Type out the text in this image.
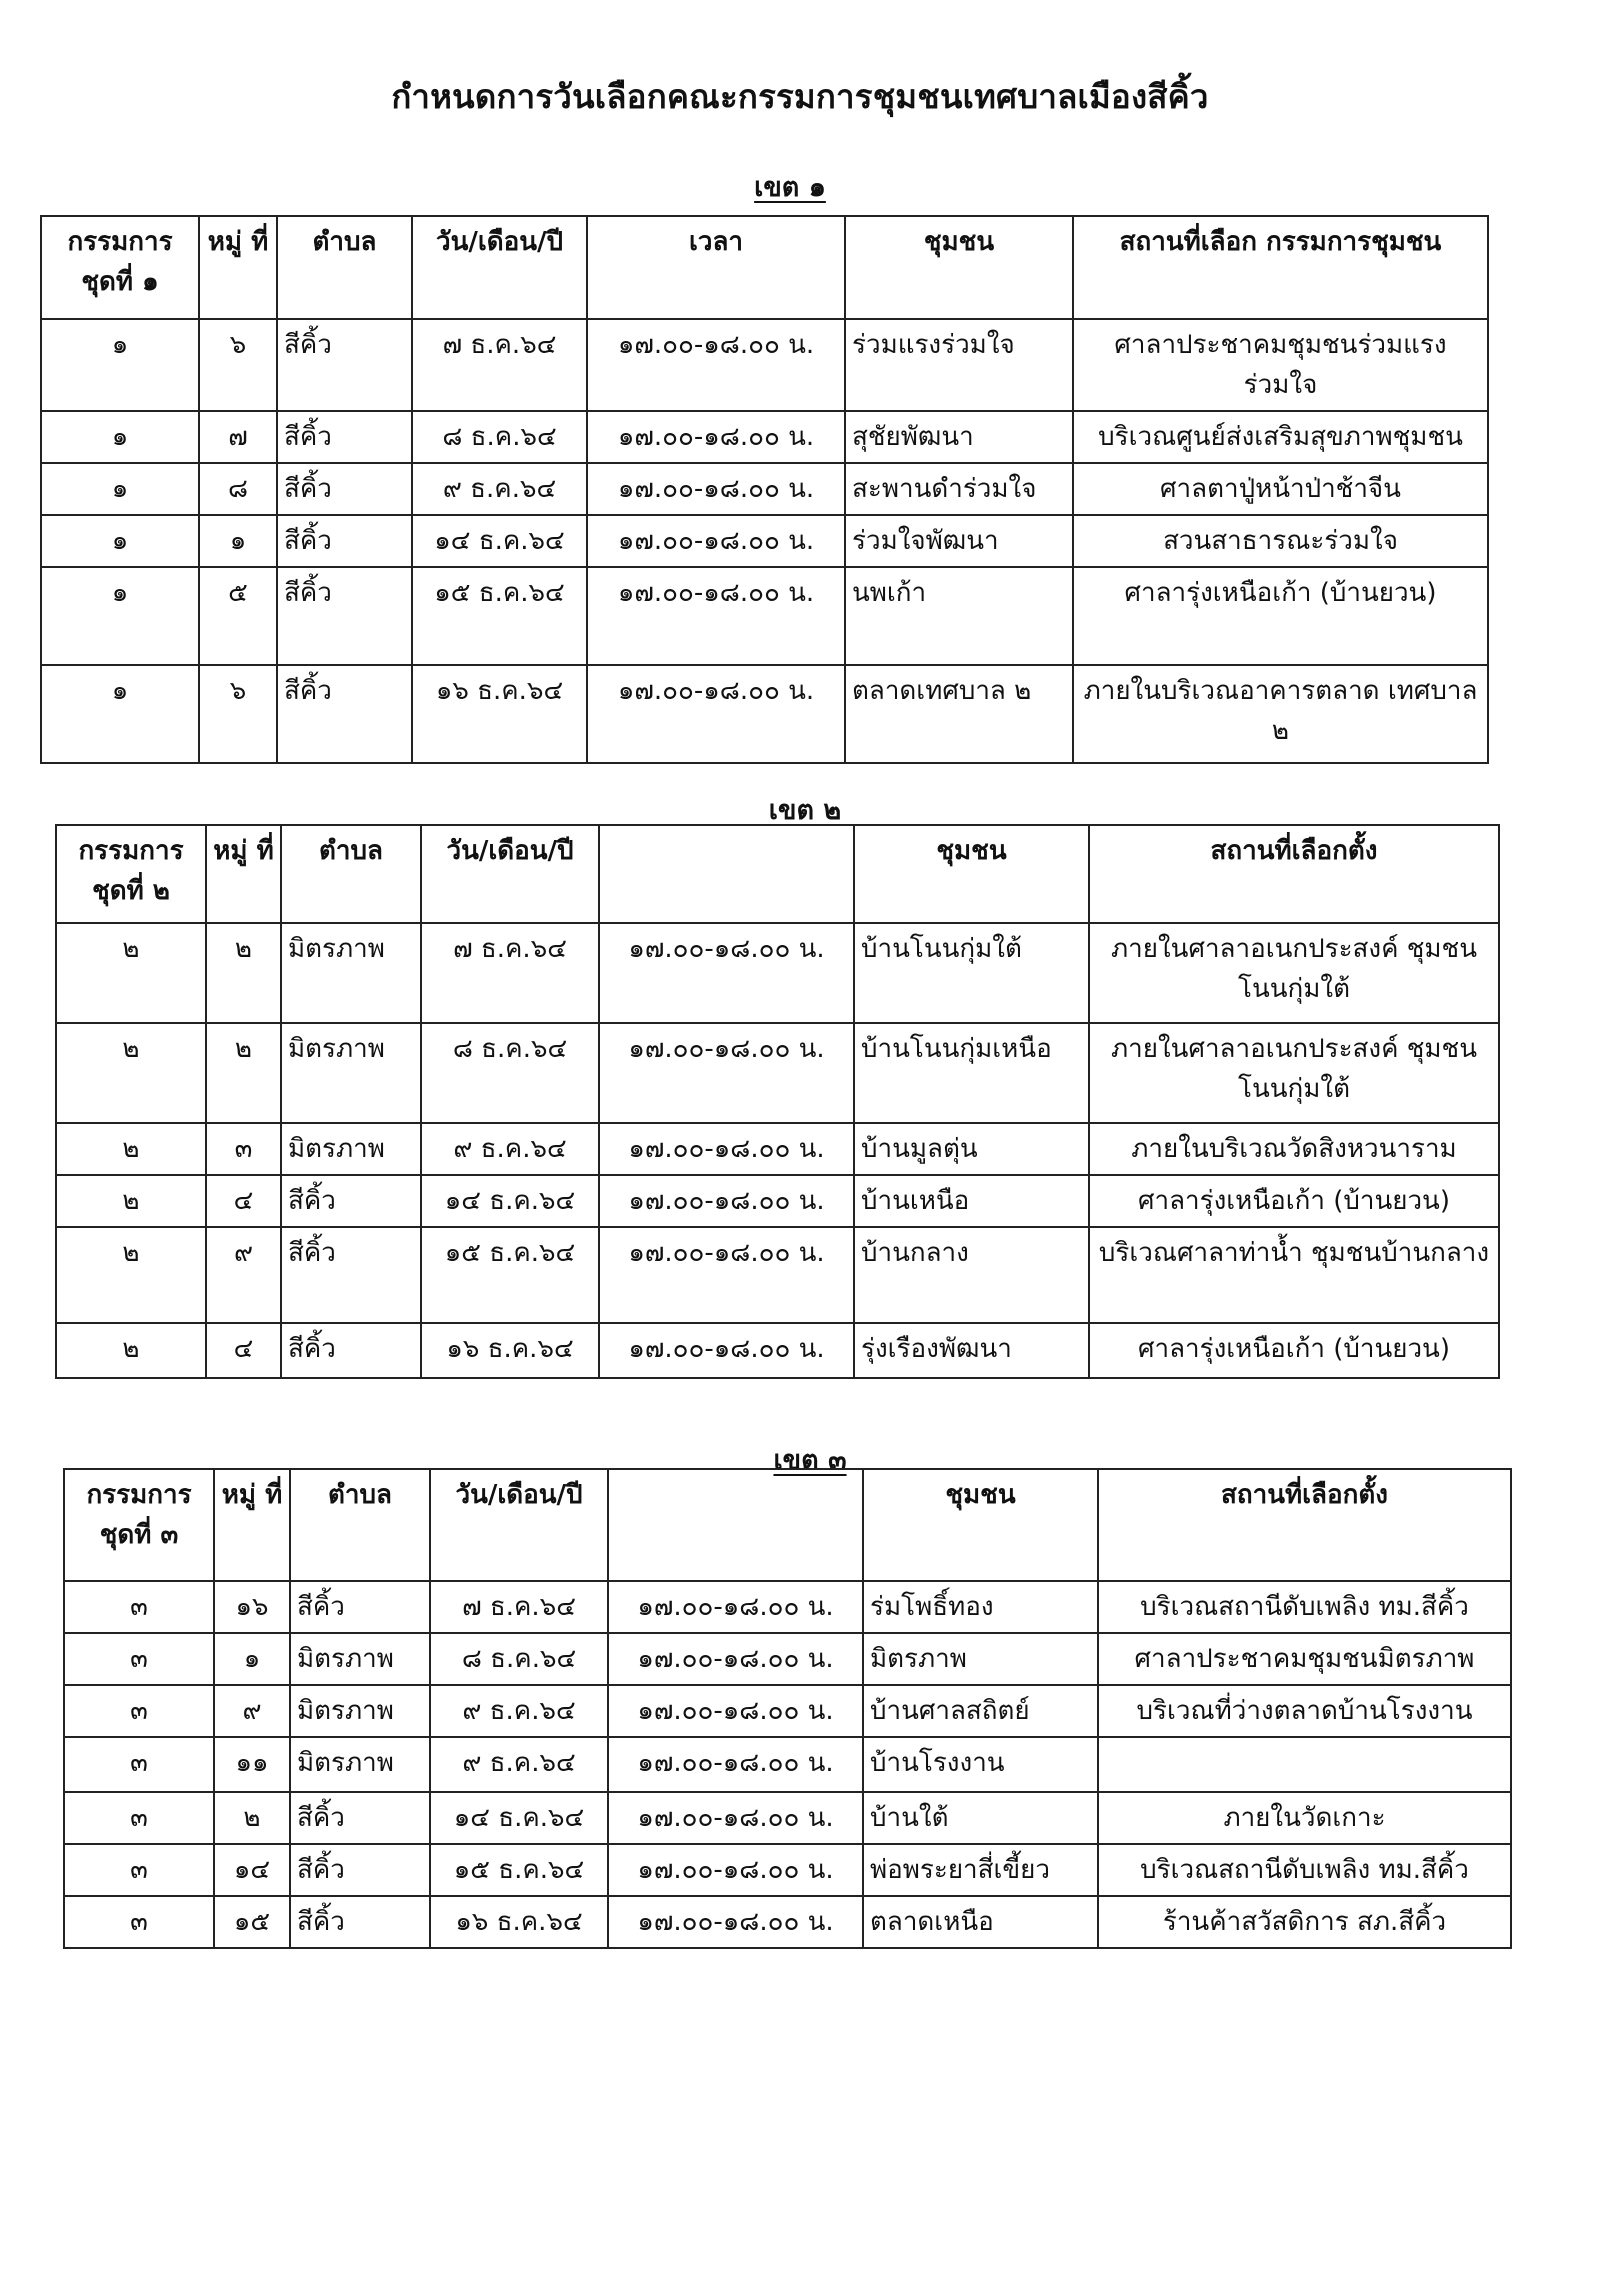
กำหนดการวันเลือกคณะกรรมการชุมชนเทศบาลเมืองสีคิ้ว
เขต ๑
กรรมการ ชุดที่ ๑	หมู่ ที่	ตำบล	วัน/เดือน/ปี	เวลา	ชุมชน	สถานที่เลือก กรรมการชุมชน
๑	๖	สีคิ้ว	๗ ธ.ค.๖๔	๑๗.๐๐-๑๘.๐๐ น.	ร่วมแรงร่วมใจ	ศาลาประชาคมชุมชนร่วมแรงร่วมใจ
๑	๗	สีคิ้ว	๘ ธ.ค.๖๔	๑๗.๐๐-๑๘.๐๐ น.	สุชัยพัฒนา	บริเวณศูนย์ส่งเสริมสุขภาพชุมชน
๑	๘	สีคิ้ว	๙ ธ.ค.๖๔	๑๗.๐๐-๑๘.๐๐ น.	สะพานดำร่วมใจ	ศาลตาปู่หน้าป่าช้าจีน
๑	๑	สีคิ้ว	๑๔ ธ.ค.๖๔	๑๗.๐๐-๑๘.๐๐ น.	ร่วมใจพัฒนา	สวนสาธารณะร่วมใจ
๑	๕	สีคิ้ว	๑๕ ธ.ค.๖๔	๑๗.๐๐-๑๘.๐๐ น.	นพเก้า	ศาลารุ่งเหนือเก้า (บ้านยวน)
๑	๖	สีคิ้ว	๑๖ ธ.ค.๖๔	๑๗.๐๐-๑๘.๐๐ น.	ตลาดเทศบาล ๒	ภายในบริเวณอาคารตลาด เทศบาล ๒
เขต ๒
กรรมการ ชุดที่ ๒	หมู่ ที่	ตำบล	วัน/เดือน/ปี		ชุมชน	สถานที่เลือกตั้ง
๒	๒	มิตรภาพ	๗ ธ.ค.๖๔	๑๗.๐๐-๑๘.๐๐ น.	บ้านโนนกุ่มใต้	ภายในศาลาอเนกประสงค์ ชุมชนโนนกุ่มใต้
๒	๒	มิตรภาพ	๘ ธ.ค.๖๔	๑๗.๐๐-๑๘.๐๐ น.	บ้านโนนกุ่มเหนือ	ภายในศาลาอเนกประสงค์ ชุมชนโนนกุ่มใต้
๒	๓	มิตรภาพ	๙ ธ.ค.๖๔	๑๗.๐๐-๑๘.๐๐ น.	บ้านมูลตุ่น	ภายในบริเวณวัดสิงหวนาราม
๒	๔	สีคิ้ว	๑๔ ธ.ค.๖๔	๑๗.๐๐-๑๘.๐๐ น.	บ้านเหนือ	ศาลารุ่งเหนือเก้า (บ้านยวน)
๒	๙	สีคิ้ว	๑๕ ธ.ค.๖๔	๑๗.๐๐-๑๘.๐๐ น.	บ้านกลาง	บริเวณศาลาท่าน้ำ ชุมชนบ้านกลาง
๒	๔	สีคิ้ว	๑๖ ธ.ค.๖๔	๑๗.๐๐-๑๘.๐๐ น.	รุ่งเรืองพัฒนา	ศาลารุ่งเหนือเก้า (บ้านยวน)
เขต ๓
กรรมการ ชุดที่ ๓	หมู่ ที่	ตำบล	วัน/เดือน/ปี		ชุมชน	สถานที่เลือกตั้ง
๓	๑๖	สีคิ้ว	๗ ธ.ค.๖๔	๑๗.๐๐-๑๘.๐๐ น.	ร่มโพธิ์ทอง	บริเวณสถานีดับเพลิง ทม.สีคิ้ว
๓	๑	มิตรภาพ	๘ ธ.ค.๖๔	๑๗.๐๐-๑๘.๐๐ น.	มิตรภาพ	ศาลาประชาคมชุมชนมิตรภาพ
๓	๙	มิตรภาพ	๙ ธ.ค.๖๔	๑๗.๐๐-๑๘.๐๐ น.	บ้านศาลสถิตย์	บริเวณที่ว่างตลาดบ้านโรงงาน
๓	๑๑	มิตรภาพ	๙ ธ.ค.๖๔	๑๗.๐๐-๑๘.๐๐ น.	บ้านโรงงาน	
๓	๒	สีคิ้ว	๑๔ ธ.ค.๖๔	๑๗.๐๐-๑๘.๐๐ น.	บ้านใต้	ภายในวัดเกาะ
๓	๑๔	สีคิ้ว	๑๕ ธ.ค.๖๔	๑๗.๐๐-๑๘.๐๐ น.	พ่อพระยาสี่เขี้ยว	บริเวณสถานีดับเพลิง ทม.สีคิ้ว
๓	๑๕	สีคิ้ว	๑๖ ธ.ค.๖๔	๑๗.๐๐-๑๘.๐๐ น.	ตลาดเหนือ	ร้านค้าสวัสดิการ สภ.สีคิ้ว
